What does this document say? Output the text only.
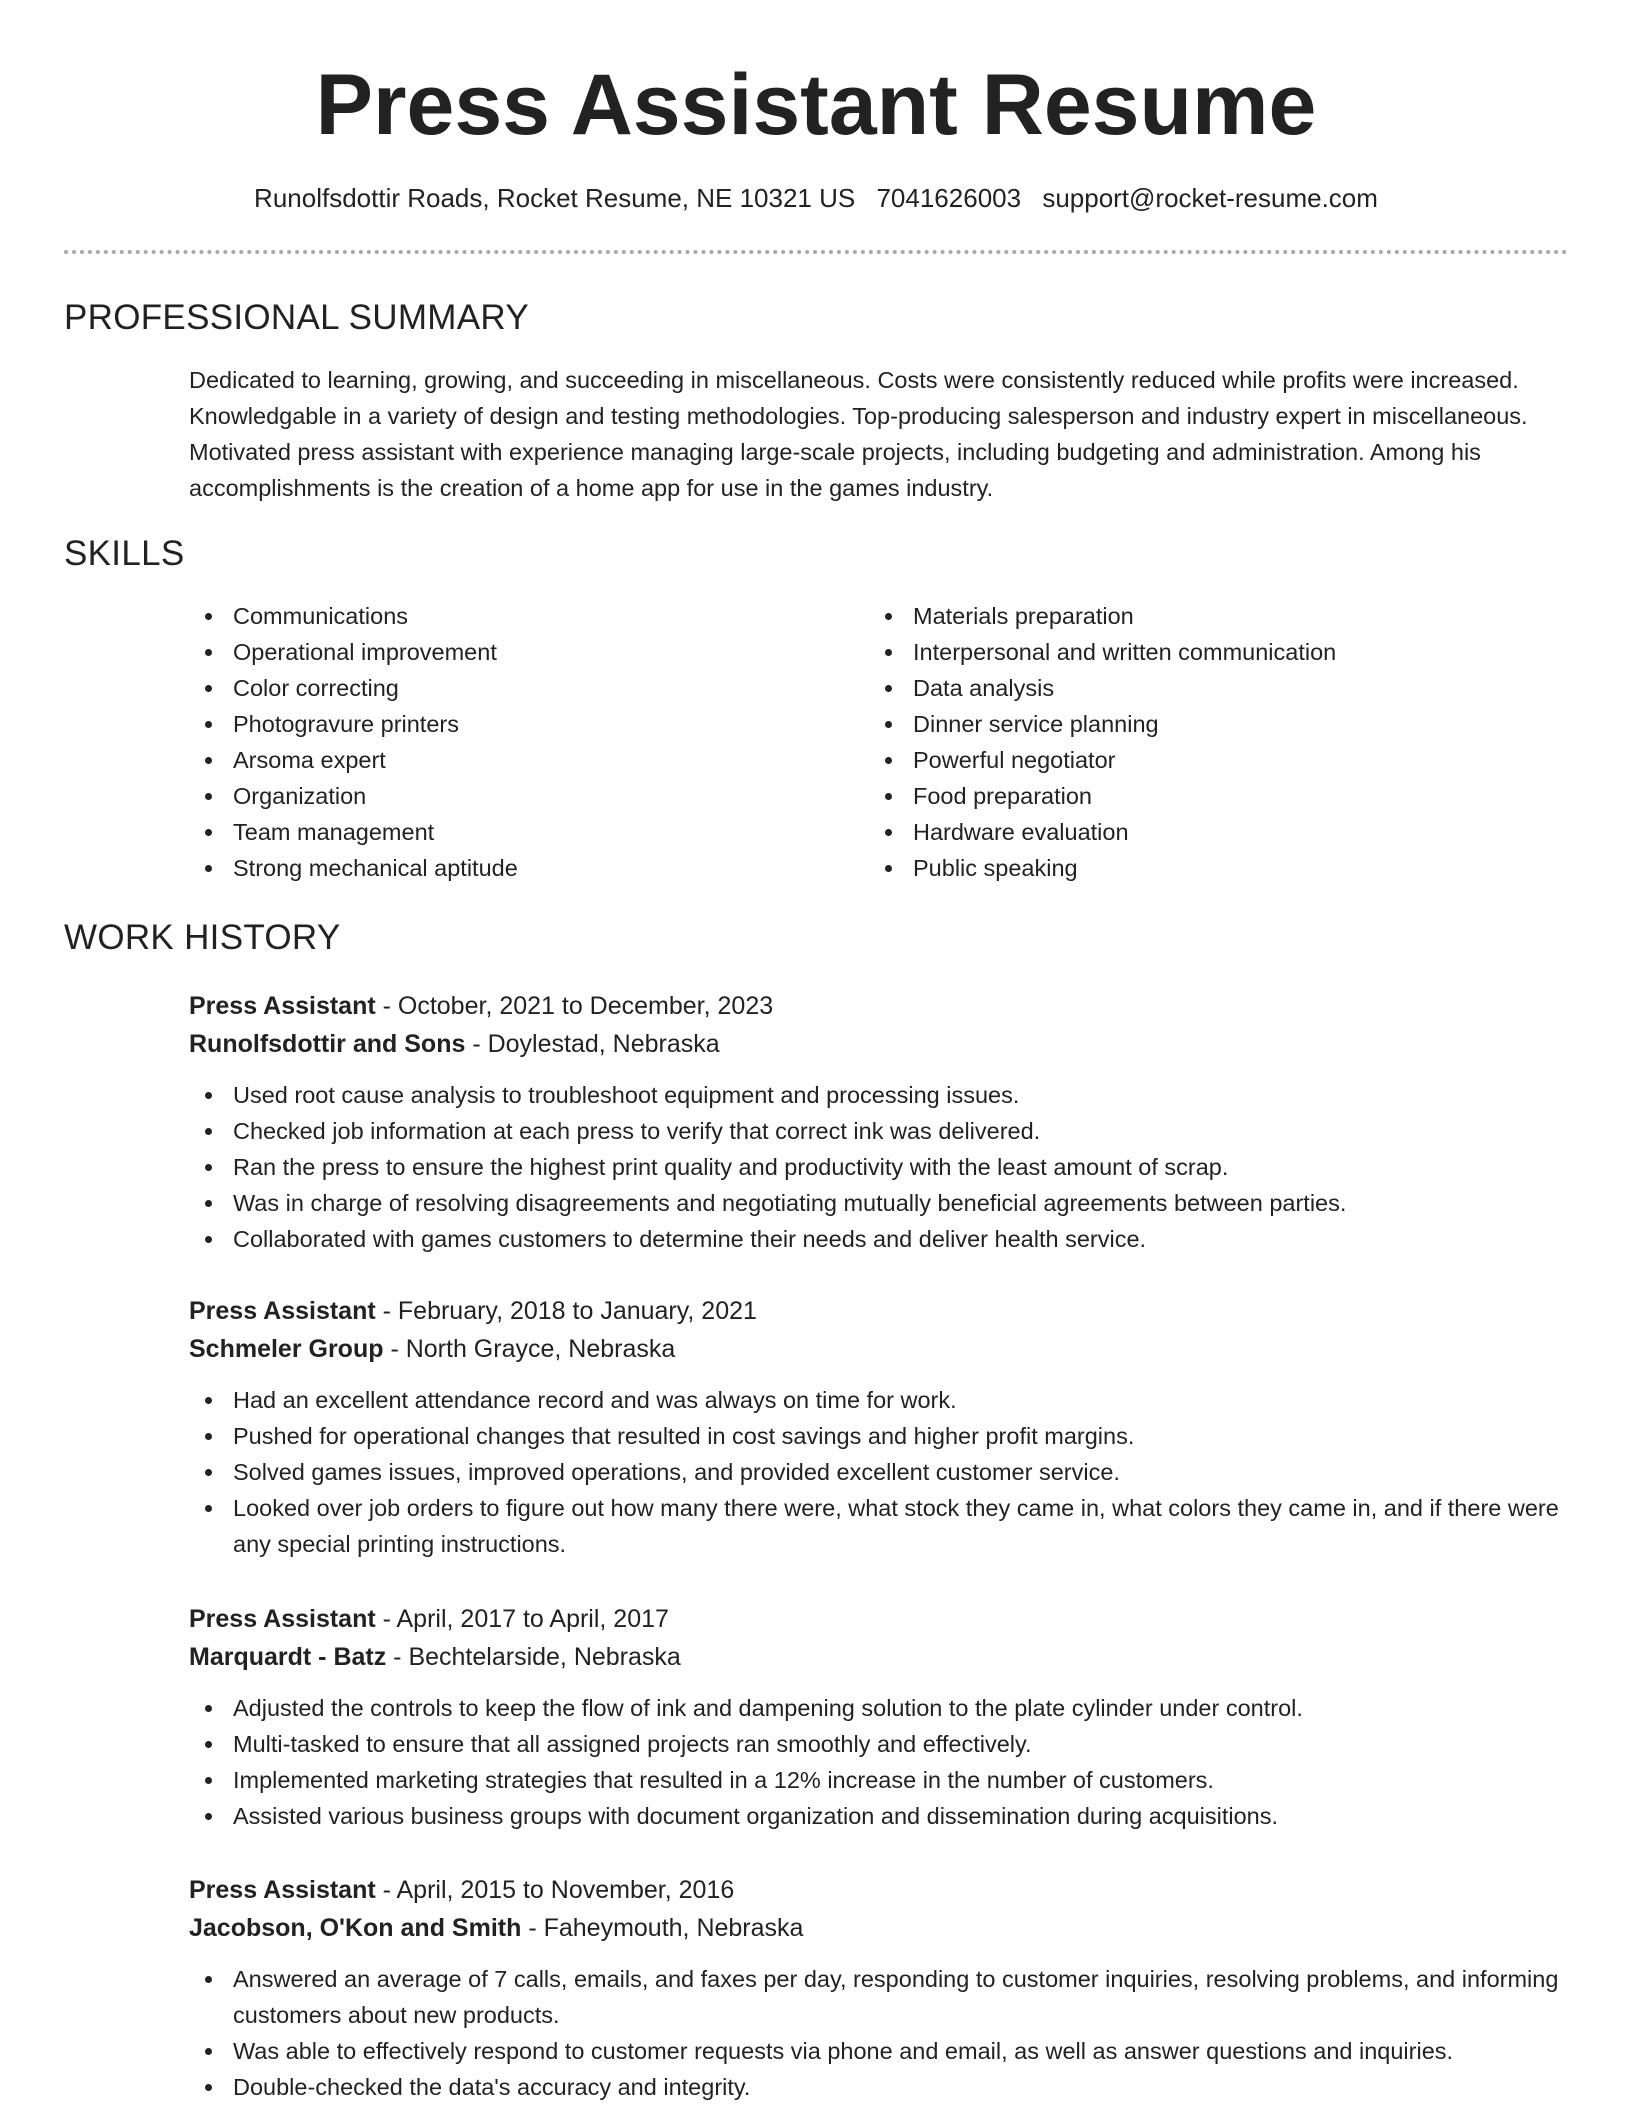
Press Assistant Resume
Runolfsdottir Roads, Rocket Resume, NE 10321 US 7041626003 support@rocket-resume.com
PROFESSIONAL SUMMARY
Dedicated to learning, growing, and succeeding in miscellaneous. Costs were consistently reduced while profits were increased. Knowledgable in a variety of design and testing methodologies. Top-producing salesperson and industry expert in miscellaneous. Motivated press assistant with experience managing large-scale projects, including budgeting and administration. Among his accomplishments is the creation of a home app for use in the games industry.
SKILLS
Communications
Operational improvement
Color correcting
Photogravure printers
Arsoma expert
Organization
Team management
Strong mechanical aptitude
Materials preparation
Interpersonal and written communication
Data analysis
Dinner service planning
Powerful negotiator
Food preparation
Hardware evaluation
Public speaking
WORK HISTORY
Press Assistant - October, 2021 to December, 2023
Runolfsdottir and Sons - Doylestad, Nebraska
Used root cause analysis to troubleshoot equipment and processing issues.
Checked job information at each press to verify that correct ink was delivered.
Ran the press to ensure the highest print quality and productivity with the least amount of scrap.
Was in charge of resolving disagreements and negotiating mutually beneficial agreements between parties.
Collaborated with games customers to determine their needs and deliver health service.
Press Assistant - February, 2018 to January, 2021
Schmeler Group - North Grayce, Nebraska
Had an excellent attendance record and was always on time for work.
Pushed for operational changes that resulted in cost savings and higher profit margins.
Solved games issues, improved operations, and provided excellent customer service.
Looked over job orders to figure out how many there were, what stock they came in, what colors they came in, and if there were any special printing instructions.
Press Assistant - April, 2017 to April, 2017
Marquardt - Batz - Bechtelarside, Nebraska
Adjusted the controls to keep the flow of ink and dampening solution to the plate cylinder under control.
Multi-tasked to ensure that all assigned projects ran smoothly and effectively.
Implemented marketing strategies that resulted in a 12% increase in the number of customers.
Assisted various business groups with document organization and dissemination during acquisitions.
Press Assistant - April, 2015 to November, 2016
Jacobson, O'Kon and Smith - Faheymouth, Nebraska
Answered an average of 7 calls, emails, and faxes per day, responding to customer inquiries, resolving problems, and informing customers about new products.
Was able to effectively respond to customer requests via phone and email, as well as answer questions and inquiries.
Double-checked the data's accuracy and integrity.
